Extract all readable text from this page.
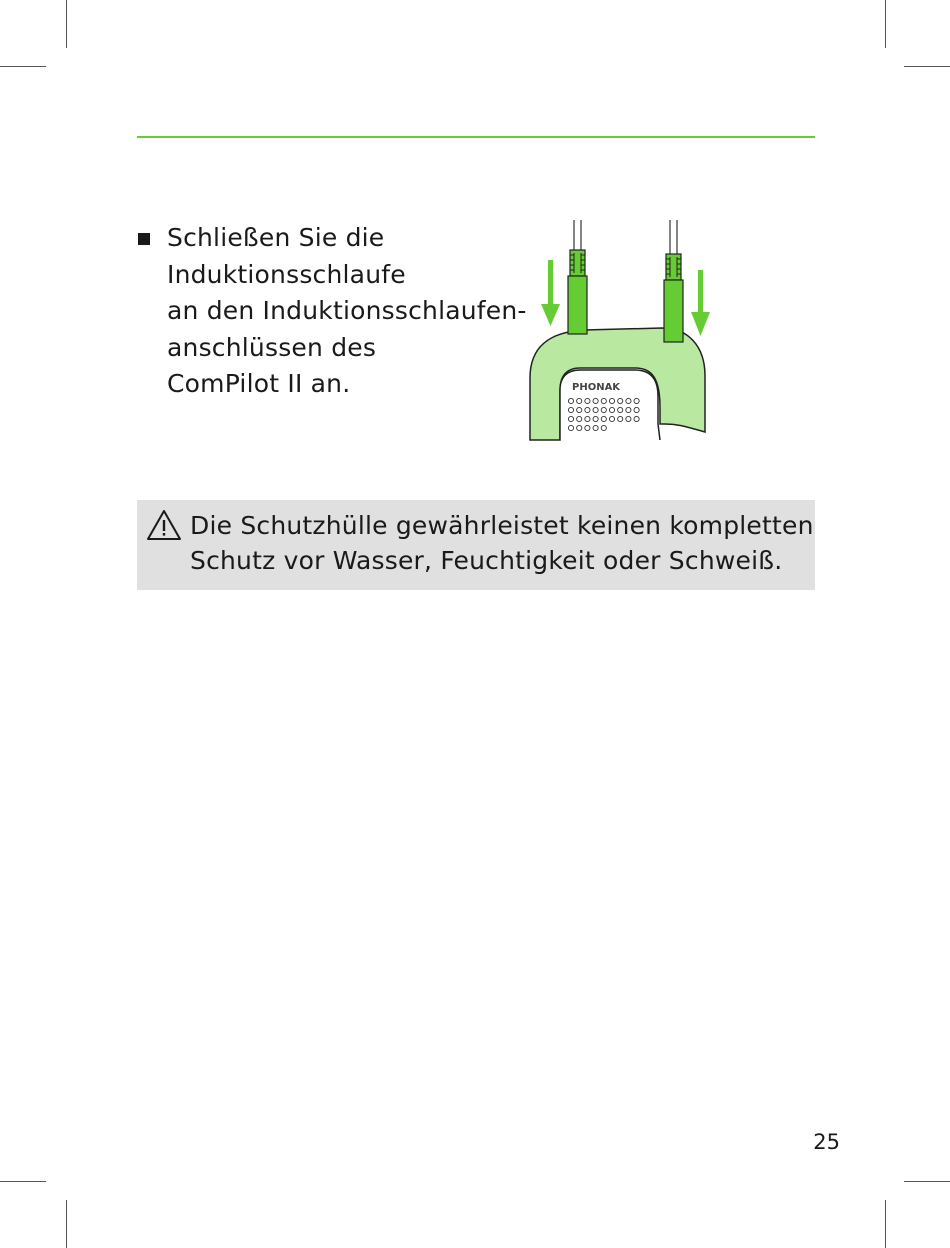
Schließen Sie die
Induktionsschlaufe
an den Induktionsschlaufen-
anschlüssen des
ComPilot II an.	PHONAK
Die Schutzhülle gewährleistet keinen kompletten
Schutz vor Wasser, Feuchtigkeit oder Schweiß.
25
